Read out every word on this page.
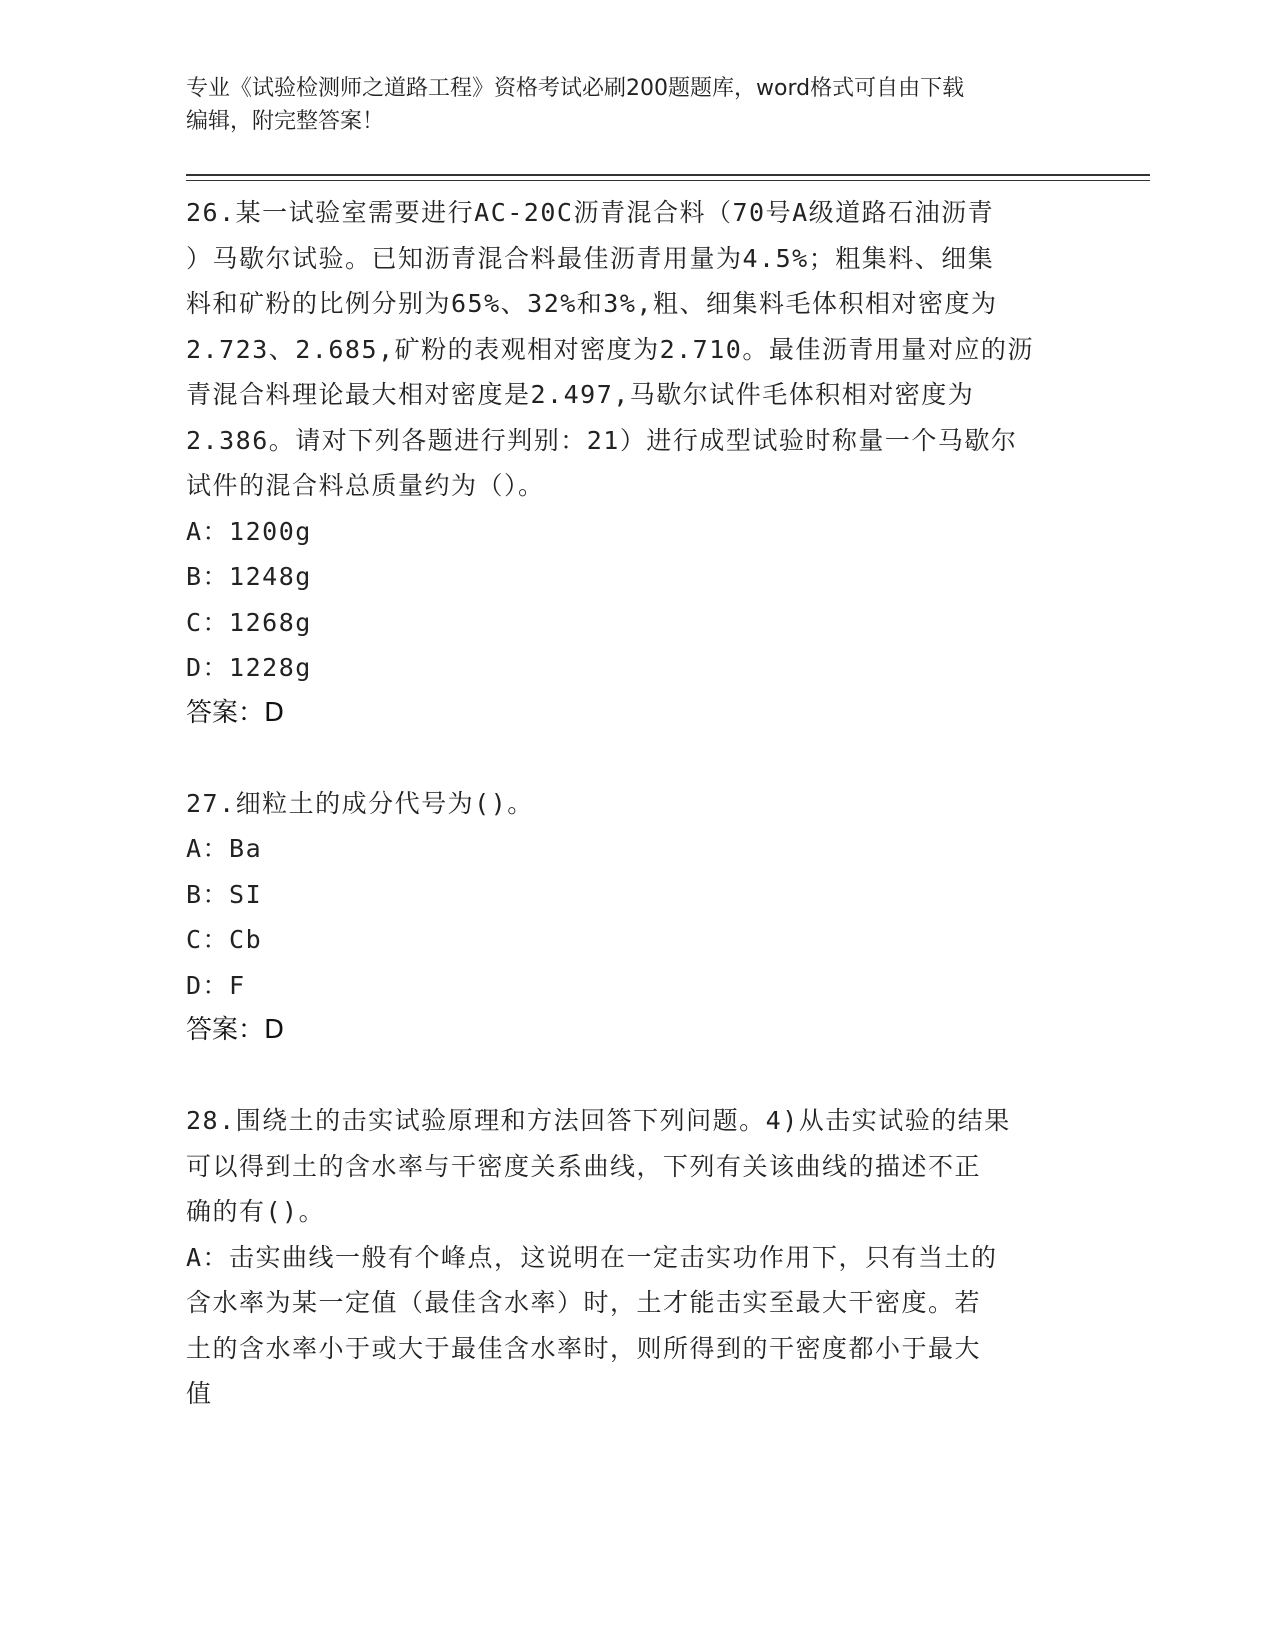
专业《试验检测师之道路工程》资格考试必刷200题题库，word格式可自由下载
编辑，附完整答案！
26.某一试验室需要进行AC-20C沥青混合料（70号A级道路石油沥青
）马歇尔试验。已知沥青混合料最佳沥青用量为4.5%；粗集料、细集
料和矿粉的比例分别为65%、32%和3%,粗、细集料毛体积相对密度为
2.723、2.685,矿粉的表观相对密度为2.710。最佳沥青用量对应的沥
青混合料理论最大相对密度是2.497,马歇尔试件毛体积相对密度为
2.386。请对下列各题进行判别：21）进行成型试验时称量一个马歇尔
试件的混合料总质量约为（）。
A：1200g
B：1248g
C：1268g
D：1228g
答案：D
27.细粒土的成分代号为()。
A：Ba
B：SI
C：Cb
D：F
答案：D
28.围绕土的击实试验原理和方法回答下列问题。4)从击实试验的结果
可以得到土的含水率与干密度关系曲线，下列有关该曲线的描述不正
确的有()。
A：击实曲线一般有个峰点，这说明在一定击实功作用下，只有当土的
含水率为某一定值（最佳含水率）时，土才能击实至最大干密度。若
土的含水率小于或大于最佳含水率时，则所得到的干密度都小于最大
值
